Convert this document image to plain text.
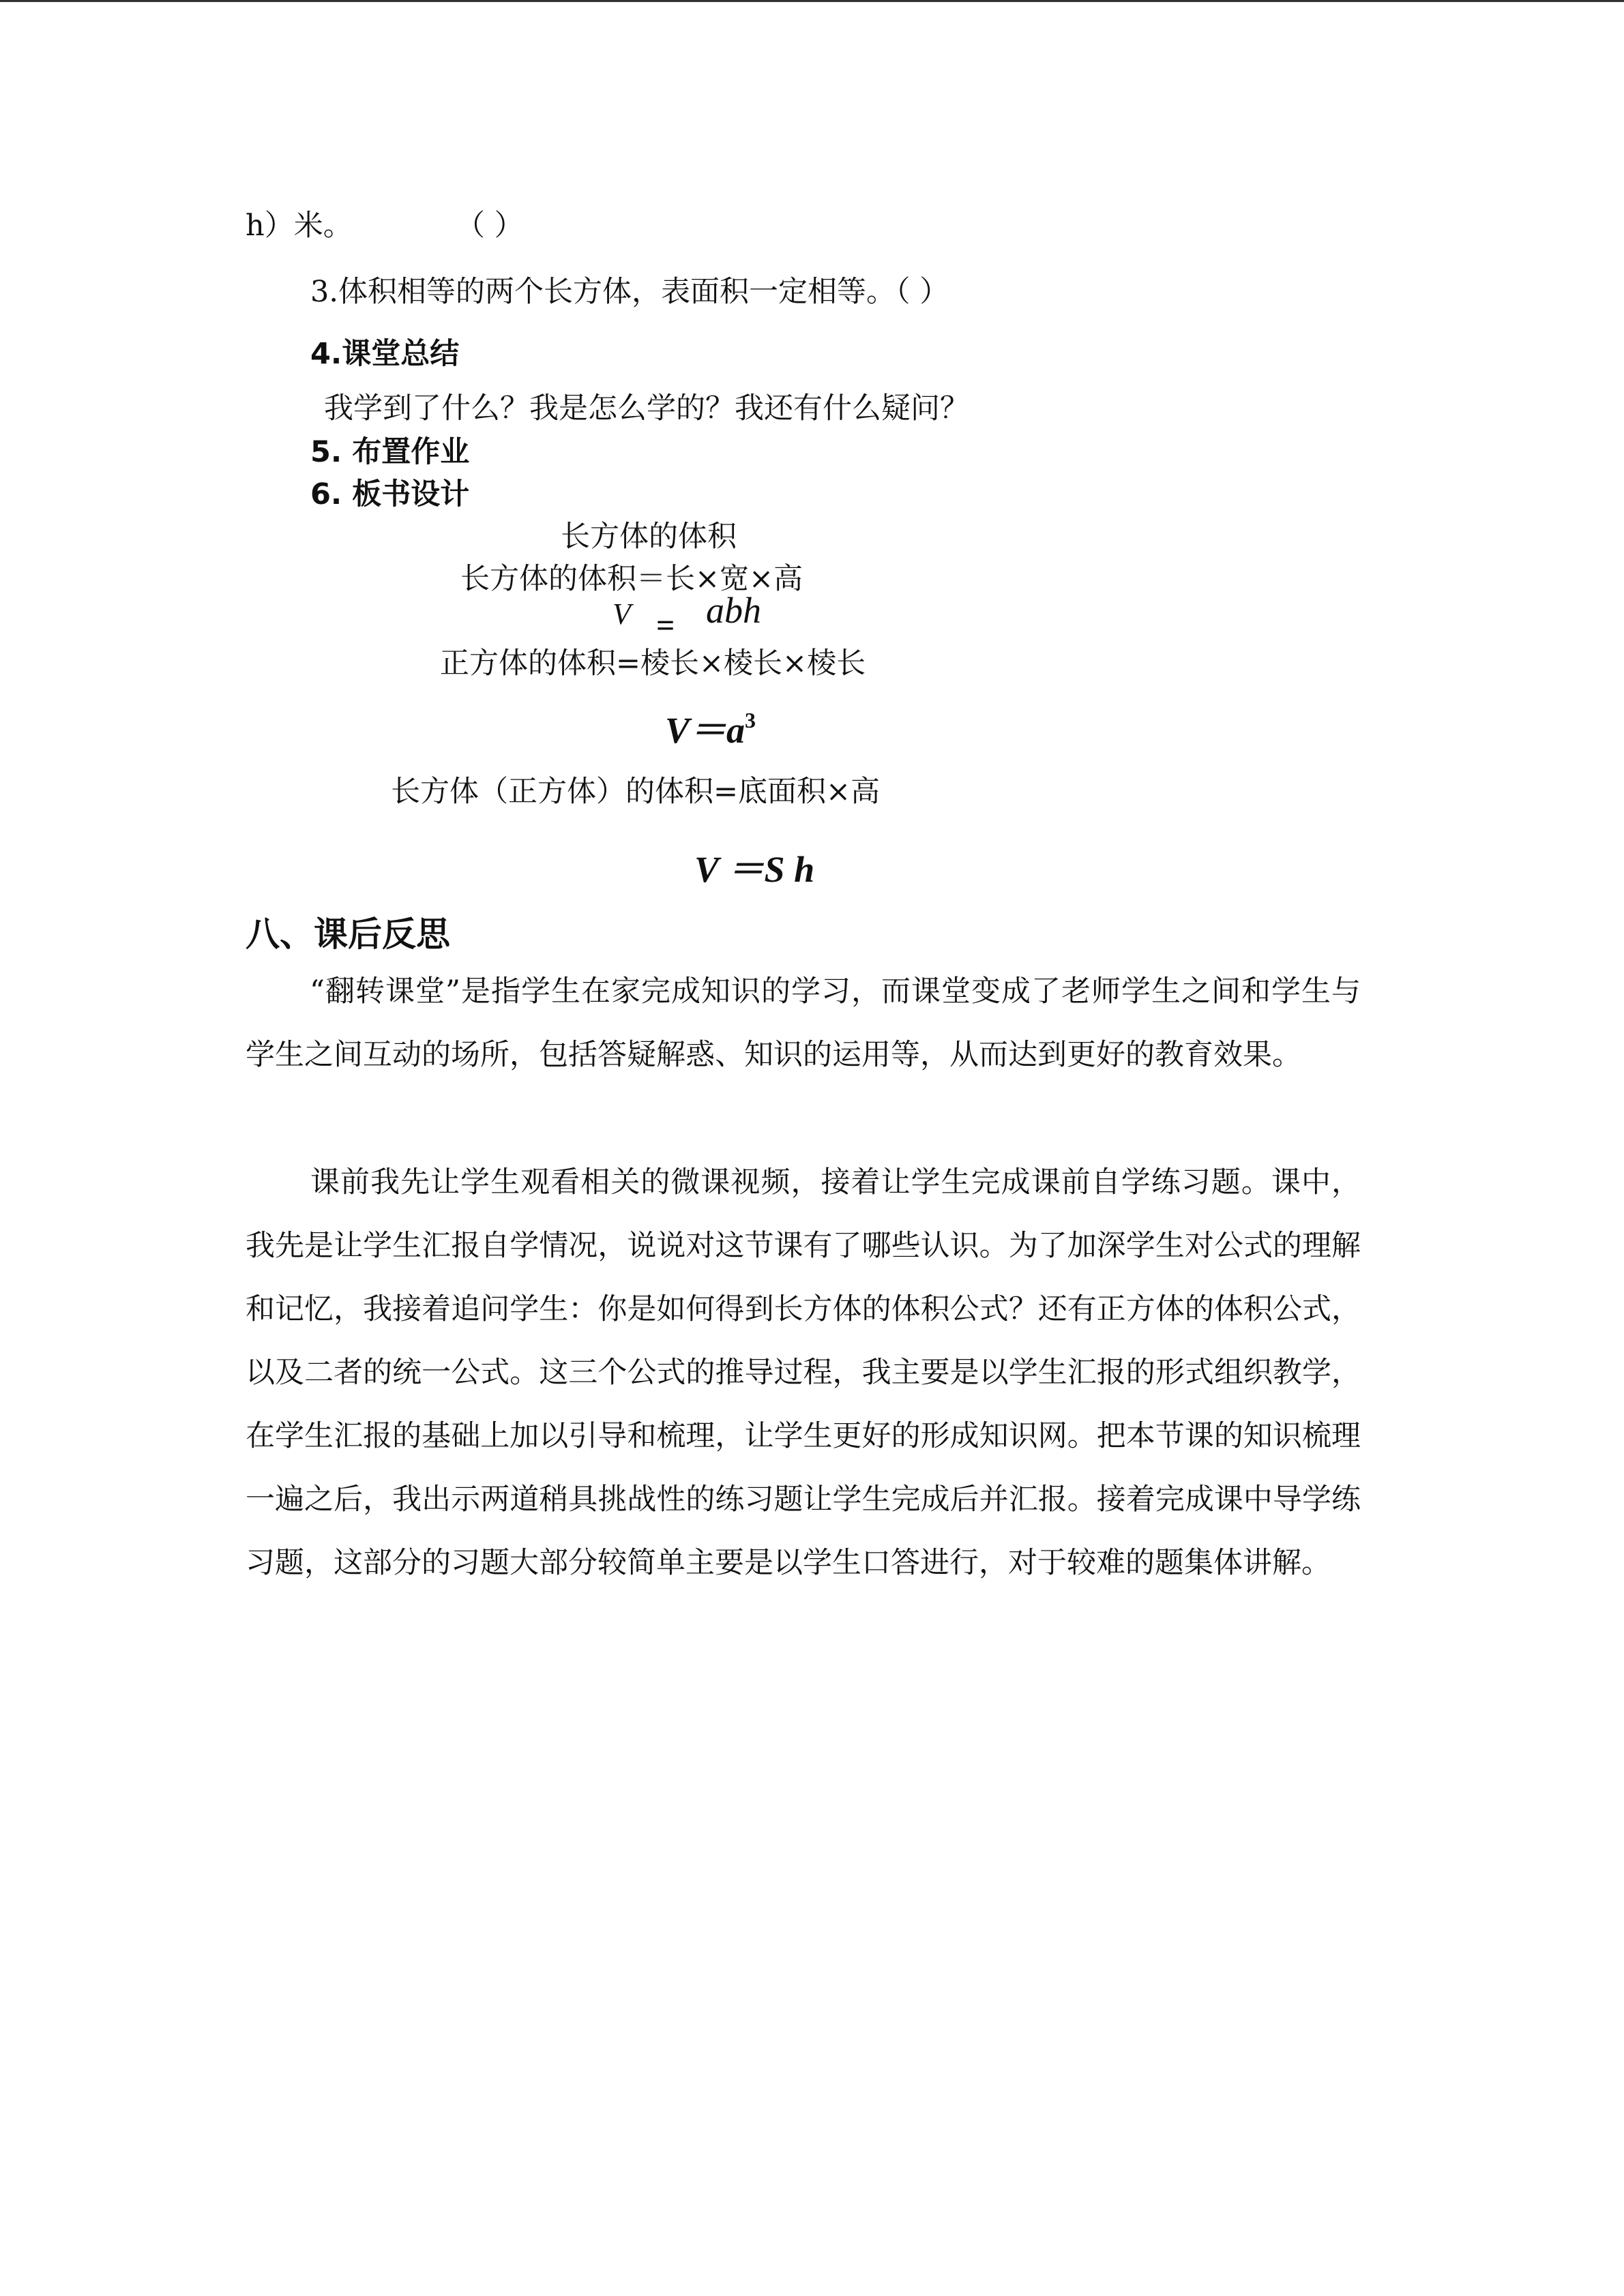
h）米。	（ ）
3.体积相等的两个长方体，表面积一定相等。（ ）
4.课堂总结
我学到了什么？我是怎么学的？我还有什么疑问？
5. 布置作业
6. 板书设计
长方体的体积
长方体的体积＝长×宽×高
V = abh
正方体的体积=棱长×棱长×棱长
$V=a^3$
长方体（正方体）的体积=底面积×高
V ＝S h
八、课后反思

“翻转课堂”是指学生在家完成知识的学习，而课堂变成了老师学生之间和学生与学生之间互动的场所，包括答疑解惑、知识的运用等，从而达到更好的教育效果。

课前我先让学生观看相关的微课视频，接着让学生完成课前自学练习题。课中，我先是让学生汇报自学情况，说说对这节课有了哪些认识。为了加深学生对公式的理解和记忆，我接着追问学生：你是如何得到长方体的体积公式？还有正方体的体积公式，以及二者的统一公式。这三个公式的推导过程，我主要是以学生汇报的形式组织教学，在学生汇报的基础上加以引导和梳理，让学生更好的形成知识网。把本节课的知识梳理一遍之后，我出示两道稍具挑战性的练习题让学生完成后并汇报。接着完成课中导学练习题，这部分的习题大部分较简单主要是以学生口答进行，对于较难的题集体讲解。
